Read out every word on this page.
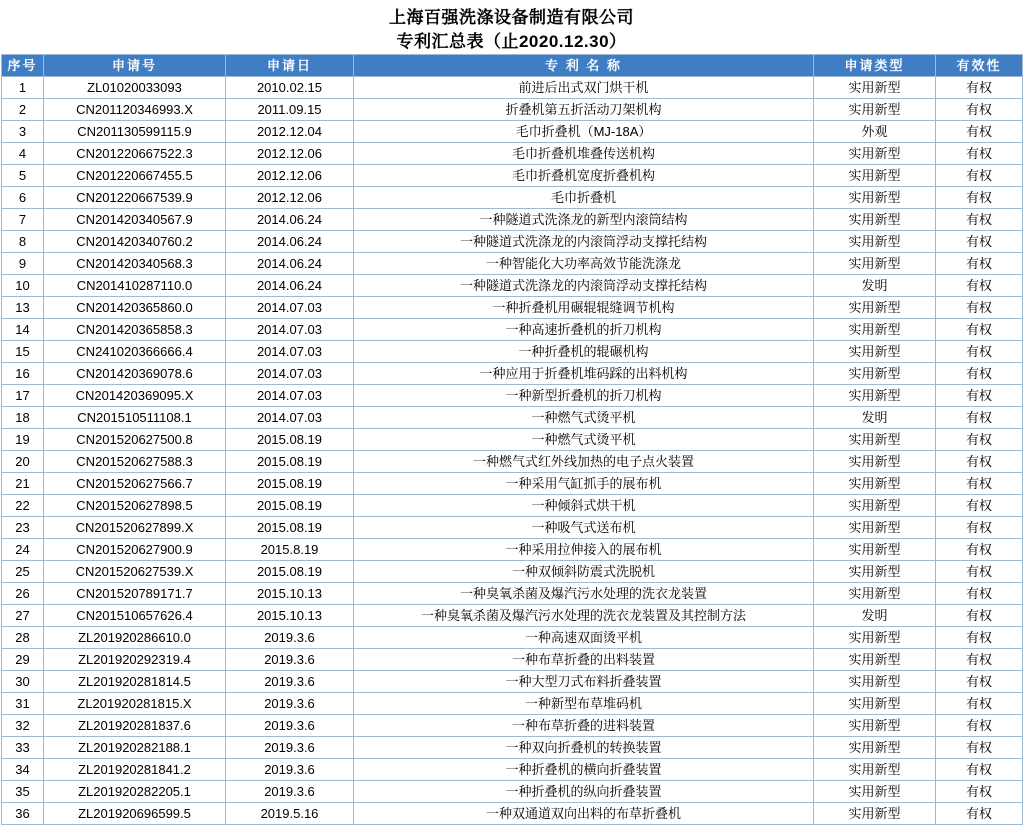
上海百强洗涤设备制造有限公司
专利汇总表（止2020.12.30）
序号	申请号	申请日	专 利 名 称	申请类型	有效性
1	ZL01020033093	2010.02.15	前进后出式双门烘干机	实用新型	有权
2	CN201120346993.X	2011.09.15	折叠机第五折活动刀架机构	实用新型	有权
3	CN201130599115.9	2012.12.04	毛巾折叠机（MJ-18A）	外观	有权
4	CN201220667522.3	2012.12.06	毛巾折叠机堆叠传送机构	实用新型	有权
5	CN201220667455.5	2012.12.06	毛巾折叠机宽度折叠机构	实用新型	有权
6	CN201220667539.9	2012.12.06	毛巾折叠机	实用新型	有权
7	CN201420340567.9	2014.06.24	一种隧道式洗涤龙的新型内滚筒结构	实用新型	有权
8	CN201420340760.2	2014.06.24	一种隧道式洗涤龙的内滚筒浮动支撑托结构	实用新型	有权
9	CN201420340568.3	2014.06.24	一种智能化大功率高效节能洗涤龙	实用新型	有权
10	CN201410287110.0	2014.06.24	一种隧道式洗涤龙的内滚筒浮动支撑托结构	发明	有权
13	CN201420365860.0	2014.07.03	一种折叠机用碾辊辊缝调节机构	实用新型	有权
14	CN201420365858.3	2014.07.03	一种高速折叠机的折刀机构	实用新型	有权
15	CN241020366666.4	2014.07.03	一种折叠机的辊碾机构	实用新型	有权
16	CN201420369078.6	2014.07.03	一种应用于折叠机堆码踩的出料机构	实用新型	有权
17	CN201420369095.X	2014.07.03	一种新型折叠机的折刀机构	实用新型	有权
18	CN201510511108.1	2014.07.03	一种燃气式烫平机	发明	有权
19	CN201520627500.8	2015.08.19	一种燃气式烫平机	实用新型	有权
20	CN201520627588.3	2015.08.19	一种燃气式红外线加热的电子点火装置	实用新型	有权
21	CN201520627566.7	2015.08.19	一种采用气缸抓手的展布机	实用新型	有权
22	CN201520627898.5	2015.08.19	一种倾斜式烘干机	实用新型	有权
23	CN201520627899.X	2015.08.19	一种吸气式送布机	实用新型	有权
24	CN201520627900.9	2015.8.19	一种采用拉伸接入的展布机	实用新型	有权
25	CN201520627539.X	2015.08.19	一种双倾斜防震式洗脱机	实用新型	有权
26	CN201520789171.7	2015.10.13	一种臭氧杀菌及爆汽污水处理的洗衣龙装置	实用新型	有权
27	CN201510657626.4	2015.10.13	一种臭氧杀菌及爆汽污水处理的洗衣龙装置及其控制方法	发明	有权
28	ZL201920286610.0	2019.3.6	一种高速双面烫平机	实用新型	有权
29	ZL201920292319.4	2019.3.6	一种布草折叠的出料装置	实用新型	有权
30	ZL201920281814.5	2019.3.6	一种大型刀式布料折叠装置	实用新型	有权
31	ZL201920281815.X	2019.3.6	一种新型布草堆码机	实用新型	有权
32	ZL201920281837.6	2019.3.6	一种布草折叠的进料装置	实用新型	有权
33	ZL201920282188.1	2019.3.6	一种双向折叠机的转换装置	实用新型	有权
34	ZL201920281841.2	2019.3.6	一种折叠机的横向折叠装置	实用新型	有权
35	ZL201920282205.1	2019.3.6	一种折叠机的纵向折叠装置	实用新型	有权
36	ZL201920696599.5	2019.5.16	一种双通道双向出料的布草折叠机	实用新型	有权
